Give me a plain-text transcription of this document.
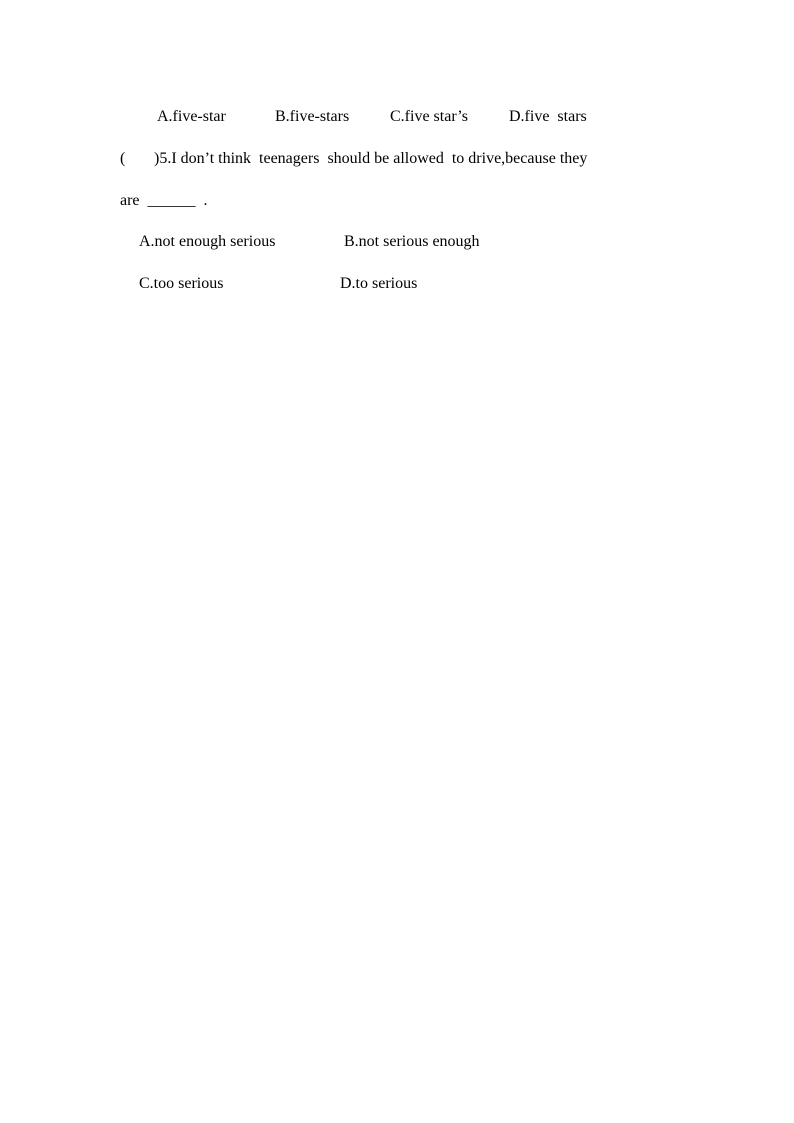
A.five-star	B.five-stars	C.five star’s	D.five  stars
( )5.I don’t think  teenagers  should be allowed  to drive,because they
are  ______  .
A.not enough serious	B.not serious enough
C.too serious	D.to serious
